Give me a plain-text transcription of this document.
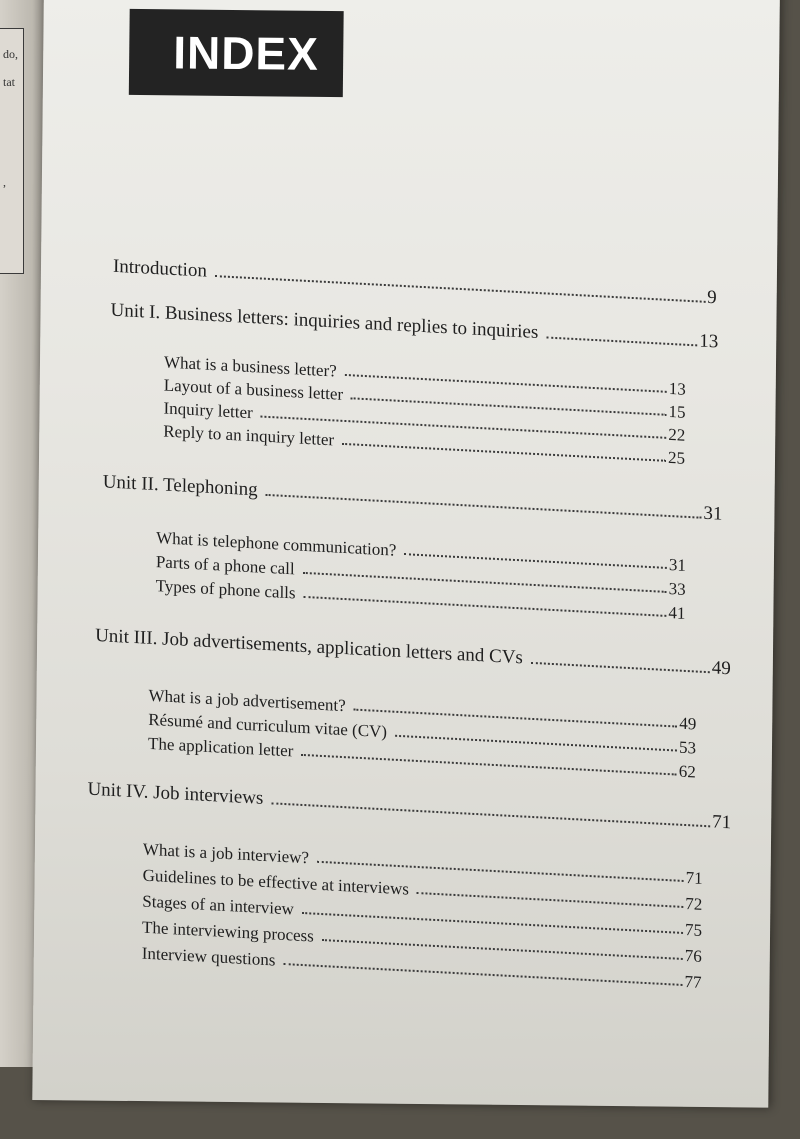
do,
tat
,
INDEX
Introduction
9
Unit I. Business letters: inquiries and replies to inquiries	13
What is a business letter?
13
Layout of a business letter
15
Inquiry letter
22
Reply to an inquiry letter
25
Unit II. Telephoning
31
What is telephone communication?
31
Parts of a phone call
33
Types of phone calls
41
Unit III. Job advertisements, application letters and CVs	49
What is a job advertisement?
49
Résumé and curriculum vitae (CV)
53
The application letter
62
Unit IV. Job interviews
71
What is a job interview?
71
Guidelines to be effective at interviews
72
Stages of an interview
75
The interviewing process
76
Interview questions
77
